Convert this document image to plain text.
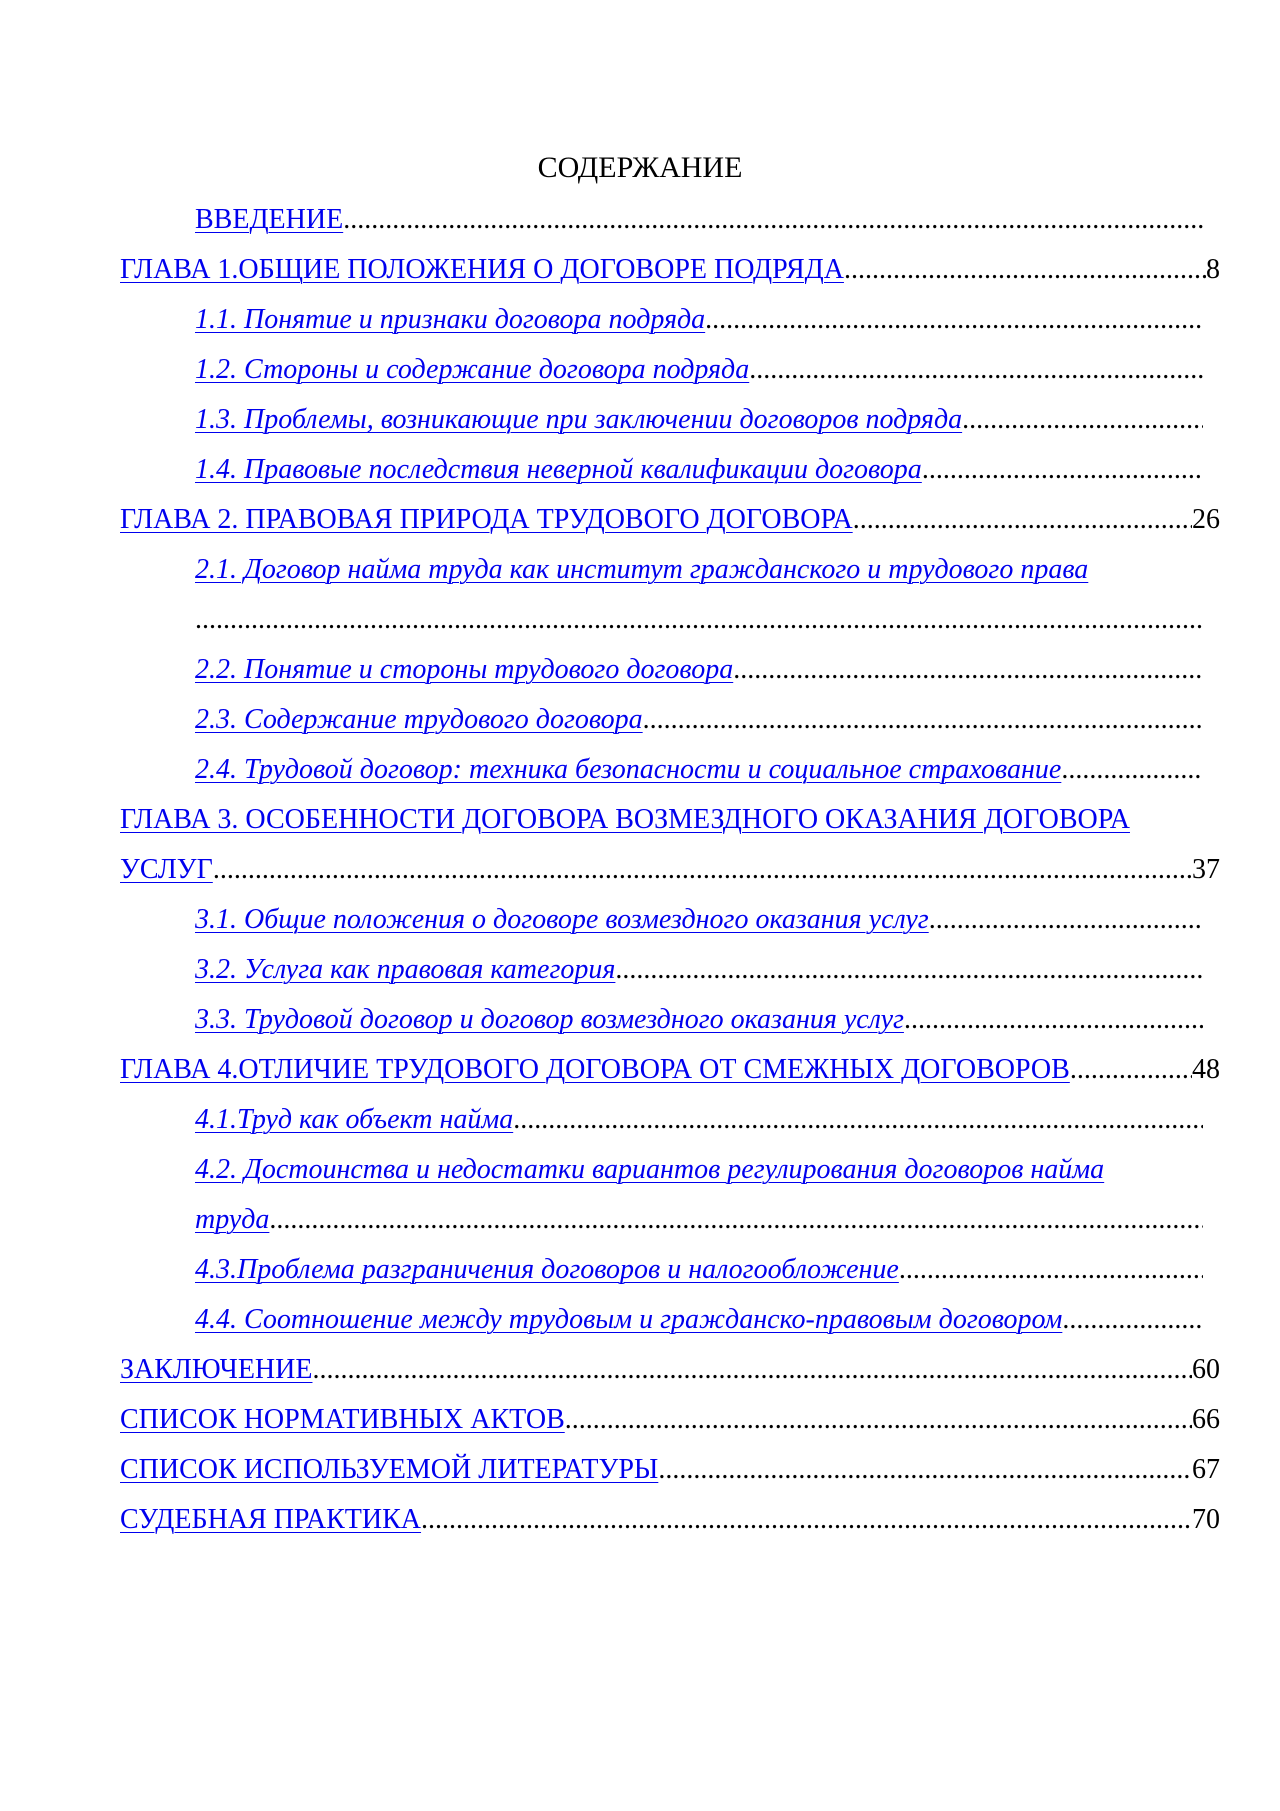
СОДЕРЖАНИЕ
ВВЕДЕНИЕ
.....
ГЛАВА 1.ОБЩИЕ ПОЛОЖЕНИЯ О ДОГОВОРЕ ПОДРЯДА .....	8
1.1. Понятие и признаки договора подряда
.....
1.2. Стороны и содержание договора подряда
.....
1.3. Проблемы, возникающие при заключении договоров подряда
.....
1.4. Правовые последствия неверной квалификации договора
.....
ГЛАВА 2. ПРАВОВАЯ ПРИРОДА ТРУДОВОГО ДОГОВОРА .....	26
2.1. Договор найма труда как институт гражданского и трудового права
.....
2.2. Понятие и стороны трудового договора
.....
2.3. Содержание трудового договора
.....
2.4. Трудовой договор: техника безопасности и социальное страхование
.....
ГЛАВА 3. ОСОБЕННОСТИ ДОГОВОРА ВОЗМЕЗДНОГО ОКАЗАНИЯ ДОГОВОРА
УСЛУГ .....	37
3.1. Общие положения о договоре возмездного оказания услуг
.....
3.2. Услуга как правовая категория
.....
3.3. Трудовой договор и договор возмездного оказания услуг
.....
ГЛАВА 4.ОТЛИЧИЕ ТРУДОВОГО ДОГОВОРА ОТ СМЕЖНЫХ ДОГОВОРОВ .....	48
4.1.Труд как объект найма
.....
4.2. Достоинства и недостатки вариантов регулирования договоров найма
труда
.....
4.3.Проблема разграничения договоров и налогообложение
.....
4.4. Соотношение между трудовым и гражданско-правовым договором
.....
ЗАКЛЮЧЕНИЕ .....	60
СПИСОК НОРМАТИВНЫХ АКТОВ .....	66
СПИСОК ИСПОЛЬЗУЕМОЙ ЛИТЕРАТУРЫ .....	67
СУДЕБНАЯ ПРАКТИКА .....	70
